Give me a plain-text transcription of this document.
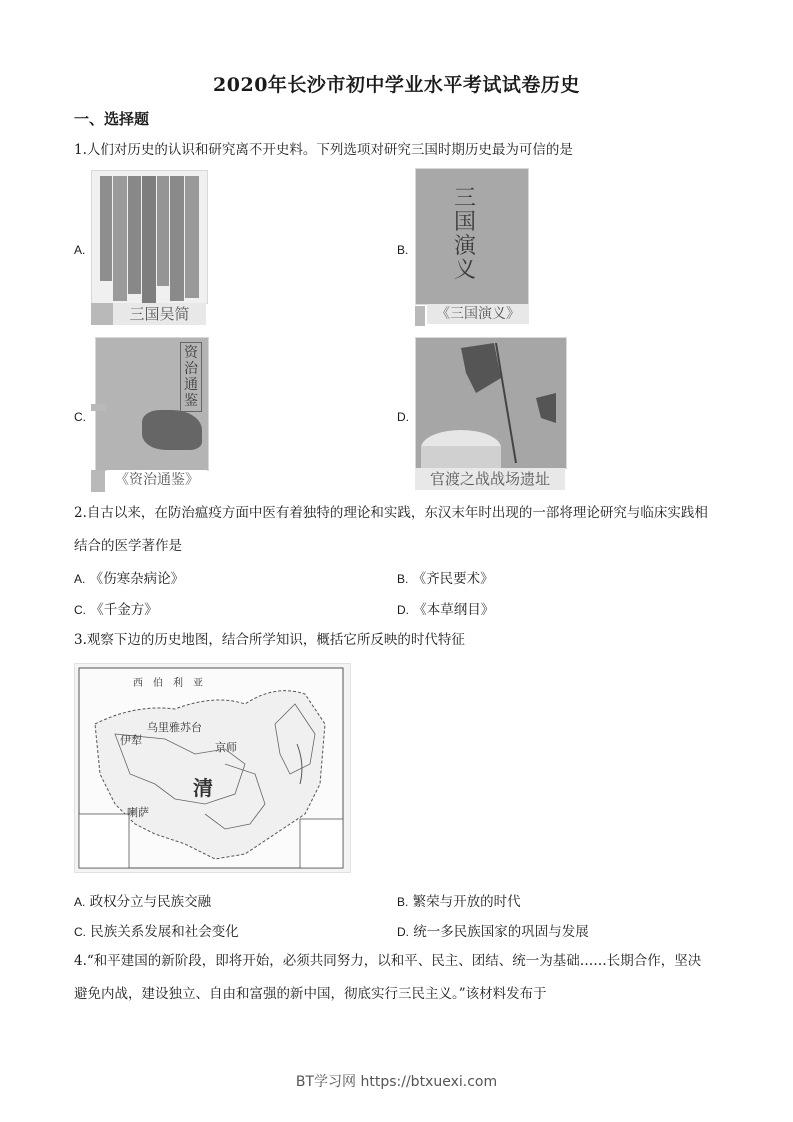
2020年长沙市初中学业水平考试试卷历史
一、选择题
1.人们对历史的认识和研究离不开史料。下列选项对研究三国时期历史最为可信的是
A.
三国吴简
B.
三国演义
《三国演义》
C.
资治通鉴
《资治通鉴》
D.
官渡之战战场遗址
2.自古以来，在防治瘟疫方面中医有着独特的理论和实践，东汉末年时出现的一部将理论研究与临床实践相
结合的医学著作是
A. 《伤寒杂病论》	B. 《齐民要术》
C. 《千金方》	D. 《本草纲目》
3.观察下边的历史地图，结合所学知识，概括它所反映的时代特征
西伯利亚
乌里雅苏台
伊犁
京师
清
喇萨
A. 政权分立与民族交融	B. 繁荣与开放的时代
C. 民族关系发展和社会变化	D. 统一多民族国家的巩固与发展
4.“和平建国的新阶段，即将开始，必须共同努力，以和平、民主、团结、统一为基础……长期合作，坚决
避免内战，建设独立、自由和富强的新中国，彻底实行三民主义。”该材料发布于
BT学习网 https://btxuexi.com
